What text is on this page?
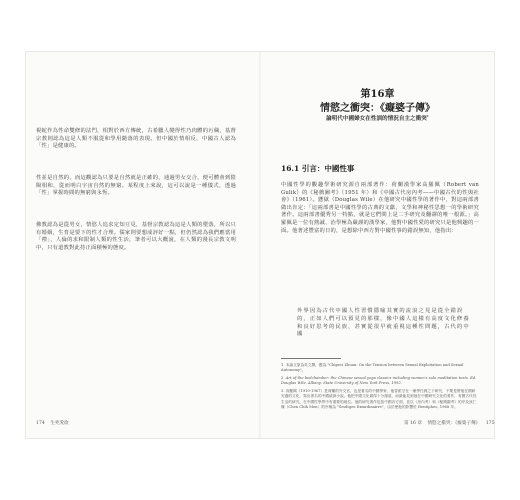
視蛇作為性命雙修的法門，相對於西方傳統，古希臘人變得性乃肉體的污穢，基督宗教則認為這是人類不服從和學用隨落的表現。但中國於情相反，中國古人認為「性」是健康的。

性並是自然的，而這觀認為只要是自然就是正確的，通過男女交合，便可體會到陰陽相和，從而明白宇宙自然的無窮。某程度上來說，這可以說是一種儀式，透過「性」掌握時間的無窮與永恆。

佛教認為是從男女，情慾人追求定知豆見，基督宗教認為這是人類的墮落，所以只有婚姻，生育是要下的性才合理。儒家則要想成評好一點，但仍然認為我們應當用「禮」，人倫的求和限制人類的性生活，筆者可以大概說，在人類的漫長宗教文明中，只有道教對此持正面積極的態度。

174 生死愛欲
第16章
情慾之衝突：《癡婆子傳》
論明代中國婦女在性訓的情況自主之衝突$^1$
16.1 引言：中國性事

中國性學的觀趣學術研究源自兩部著作：荷蘭漢學家高羅佩（Robert van Gulik）的《秘戲圖考》（1951 年）和《中國古代房內考——中國古代的性與社會》（1961）。懸獄（Douglas Wile）在他研究中國性學的著作中，對這兩部書做出肯定：「這兩部書是中國性學的古典的文獻，文學和神秘性思想一的學術研究著作。這兩部書優秀另一特點，就是它們問上是二手研究及翻譯的唯一根源。」高羅佩是一位有熱誠、治學極為嚴謹的漢學家，他對中國性愛的研究只是他興趣的一面。他著述豐富的日的，是想除中西方對中國性事的錯誤無知，他指出：

外界因為古代中國人性習慣隱喻其實的流浪之見是從全錯誤的，正如人們可以預見的那樣，像中國人這樣有高度文化修養和良好思考的民族，甚實從很早就重視這種性問題，古代的中國

1. 本論文原為英文撰，題為 "Chipeci Zhuan: On the Tension between Sexual Exploitation and Sexual Autonomy"。

2. Art of the bedchamber: the Chinese sexual yoga classics including women's solo meditation texts. Ed. Douglas Wile. Albany: State University of New York Press, 1992.

3. 高羅佩（1910-1967）是荷蘭的外交官，也是著名的中國學家，他曾派守在一兼學任務之下研究，不要是將他在國研究過的文化，寫出著名的中國偵探小說。他把中國文化做得十分淵遠，而最能見到他在中國研究文化的著作，有國古代性生活的研究，在中國性學界中有重要的地位。他的研究著作包括中國各方面，並以《房內考》和《秘戲圖考》的序及狄仁傑（Chen Chih Men）的序稱為 "Srsdtgee Exmrdinairre"，由於使他的影響於 Hentipheo, 1968 年。

第 16 章 情慾之衝突：《癡婆子傳》 175
